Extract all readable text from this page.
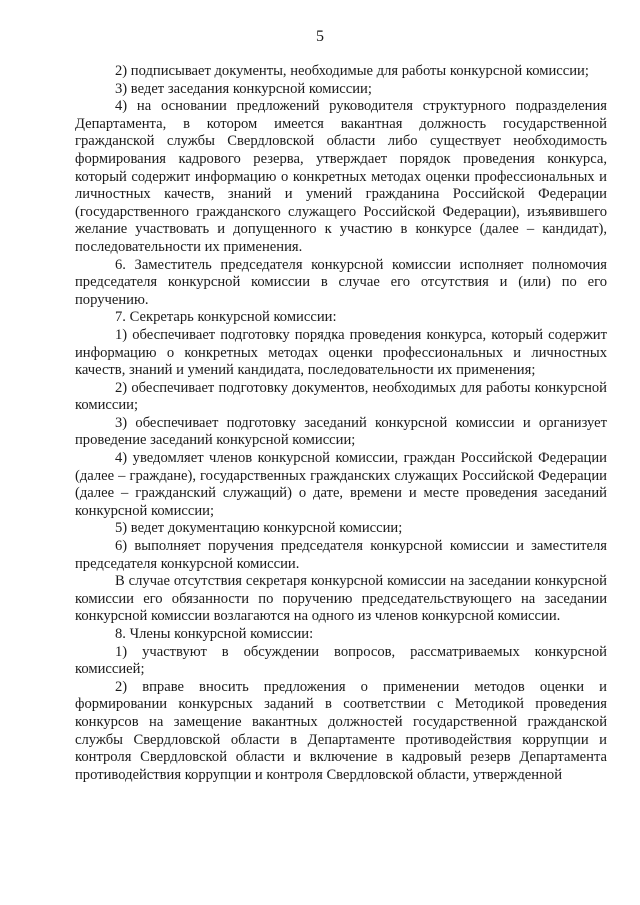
5

2) подписывает документы, необходимые для работы конкурсной комиссии;

3) ведет заседания конкурсной комиссии;

4) на основании предложений руководителя структурного подразделения Департамента, в котором имеется вакантная должность государственной гражданской службы Свердловской области либо существует необходимость формирования кадрового резерва, утверждает порядок проведения конкурса, который содержит информацию о конкретных методах оценки профессиональных и личностных качеств, знаний и умений гражданина Российской Федерации (государственного гражданского служащего Российской Федерации), изъявившего желание участвовать и допущенного к участию в конкурсе (далее – кандидат), последовательности их применения.

6. Заместитель председателя конкурсной комиссии исполняет полномочия председателя конкурсной комиссии в случае его отсутствия и (или) по его поручению.

7. Секретарь конкурсной комиссии:

1) обеспечивает подготовку порядка проведения конкурса, который содержит информацию о конкретных методах оценки профессиональных и личностных качеств, знаний и умений кандидата, последовательности их применения;

2) обеспечивает подготовку документов, необходимых для работы конкурсной комиссии;

3) обеспечивает подготовку заседаний конкурсной комиссии и организует проведение заседаний конкурсной комиссии;

4) уведомляет членов конкурсной комиссии, граждан Российской Федерации (далее – граждане), государственных гражданских служащих Российской Федерации (далее – гражданский служащий) о дате, времени и месте проведения заседаний конкурсной комиссии;

5) ведет документацию конкурсной комиссии;

6) выполняет поручения председателя конкурсной комиссии и заместителя председателя конкурсной комиссии.

В случае отсутствия секретаря конкурсной комиссии на заседании конкурсной комиссии его обязанности по поручению председательствующего на заседании конкурсной комиссии возлагаются на одного из членов конкурсной комиссии.

8. Члены конкурсной комиссии:

1) участвуют в обсуждении вопросов, рассматриваемых конкурсной комиссией;

2) вправе вносить предложения о применении методов оценки и формировании конкурсных заданий в соответствии с Методикой проведения конкурсов на замещение вакантных должностей государственной гражданской службы Свердловской области в Департаменте противодействия коррупции и контроля Свердловской области и включение в кадровый резерв Департамента противодействия коррупции и контроля Свердловской области, утвержденной
